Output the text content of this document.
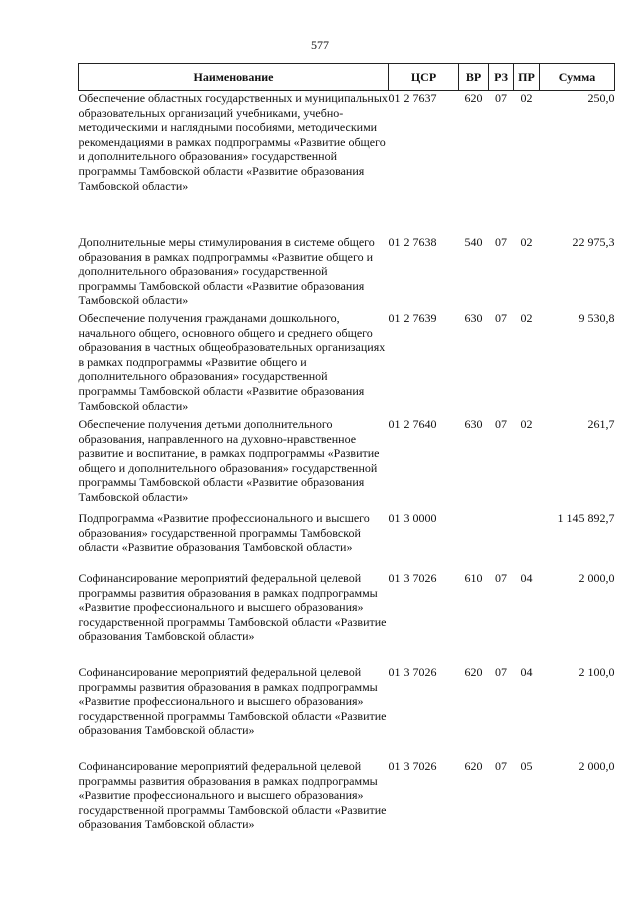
577
Наименование	ЦСР	ВР	РЗ	ПР	Сумма
Обеспечение областных государственных и муниципальных образовательных организаций учебниками, учебно-методическими и наглядными пособиями, методическими рекомендациями в рамках подпрограммы «Развитие общего и дополнительного образования» государственной программы Тамбовской области «Развитие образования Тамбовской области»	01 2 7637	620	07	02	250,0
Дополнительные меры стимулирования в системе общего образования в рамках подпрограммы «Развитие общего и дополнительного образования» государственной программы Тамбовской области «Развитие образования Тамбовской области»	01 2 7638	540	07	02	22 975,3
Обеспечение получения гражданами дошкольного, начального общего, основного общего и среднего общего образования в частных общеобразовательных организациях в рамках подпрограммы «Развитие общего и дополнительного образования» государственной программы Тамбовской области «Развитие образования Тамбовской области»	01 2 7639	630	07	02	9 530,8
Обеспечение получения детьми дополнительного образования, направленного на духовно-нравственное развитие и воспитание, в рамках подпрограммы «Развитие общего и дополнительного образования» государственной программы Тамбовской области «Развитие образования Тамбовской области»	01 2 7640	630	07	02	261,7
Подпрограмма «Развитие профессионального и высшего образования» государственной программы Тамбовской области «Развитие образования Тамбовской области»	01 3 0000				1 145 892,7
Софинансирование мероприятий федеральной целевой программы развития образования в рамках подпрограммы «Развитие профессионального и высшего образования» государственной программы Тамбовской области «Развитие образования Тамбовской области»	01 3 7026	610	07	04	2 000,0
Софинансирование мероприятий федеральной целевой программы развития образования в рамках подпрограммы «Развитие профессионального и высшего образования» государственной программы Тамбовской области «Развитие образования Тамбовской области»	01 3 7026	620	07	04	2 100,0
Софинансирование мероприятий федеральной целевой программы развития образования в рамках подпрограммы «Развитие профессионального и высшего образования» государственной программы Тамбовской области «Развитие образования Тамбовской области»	01 3 7026	620	07	05	2 000,0
